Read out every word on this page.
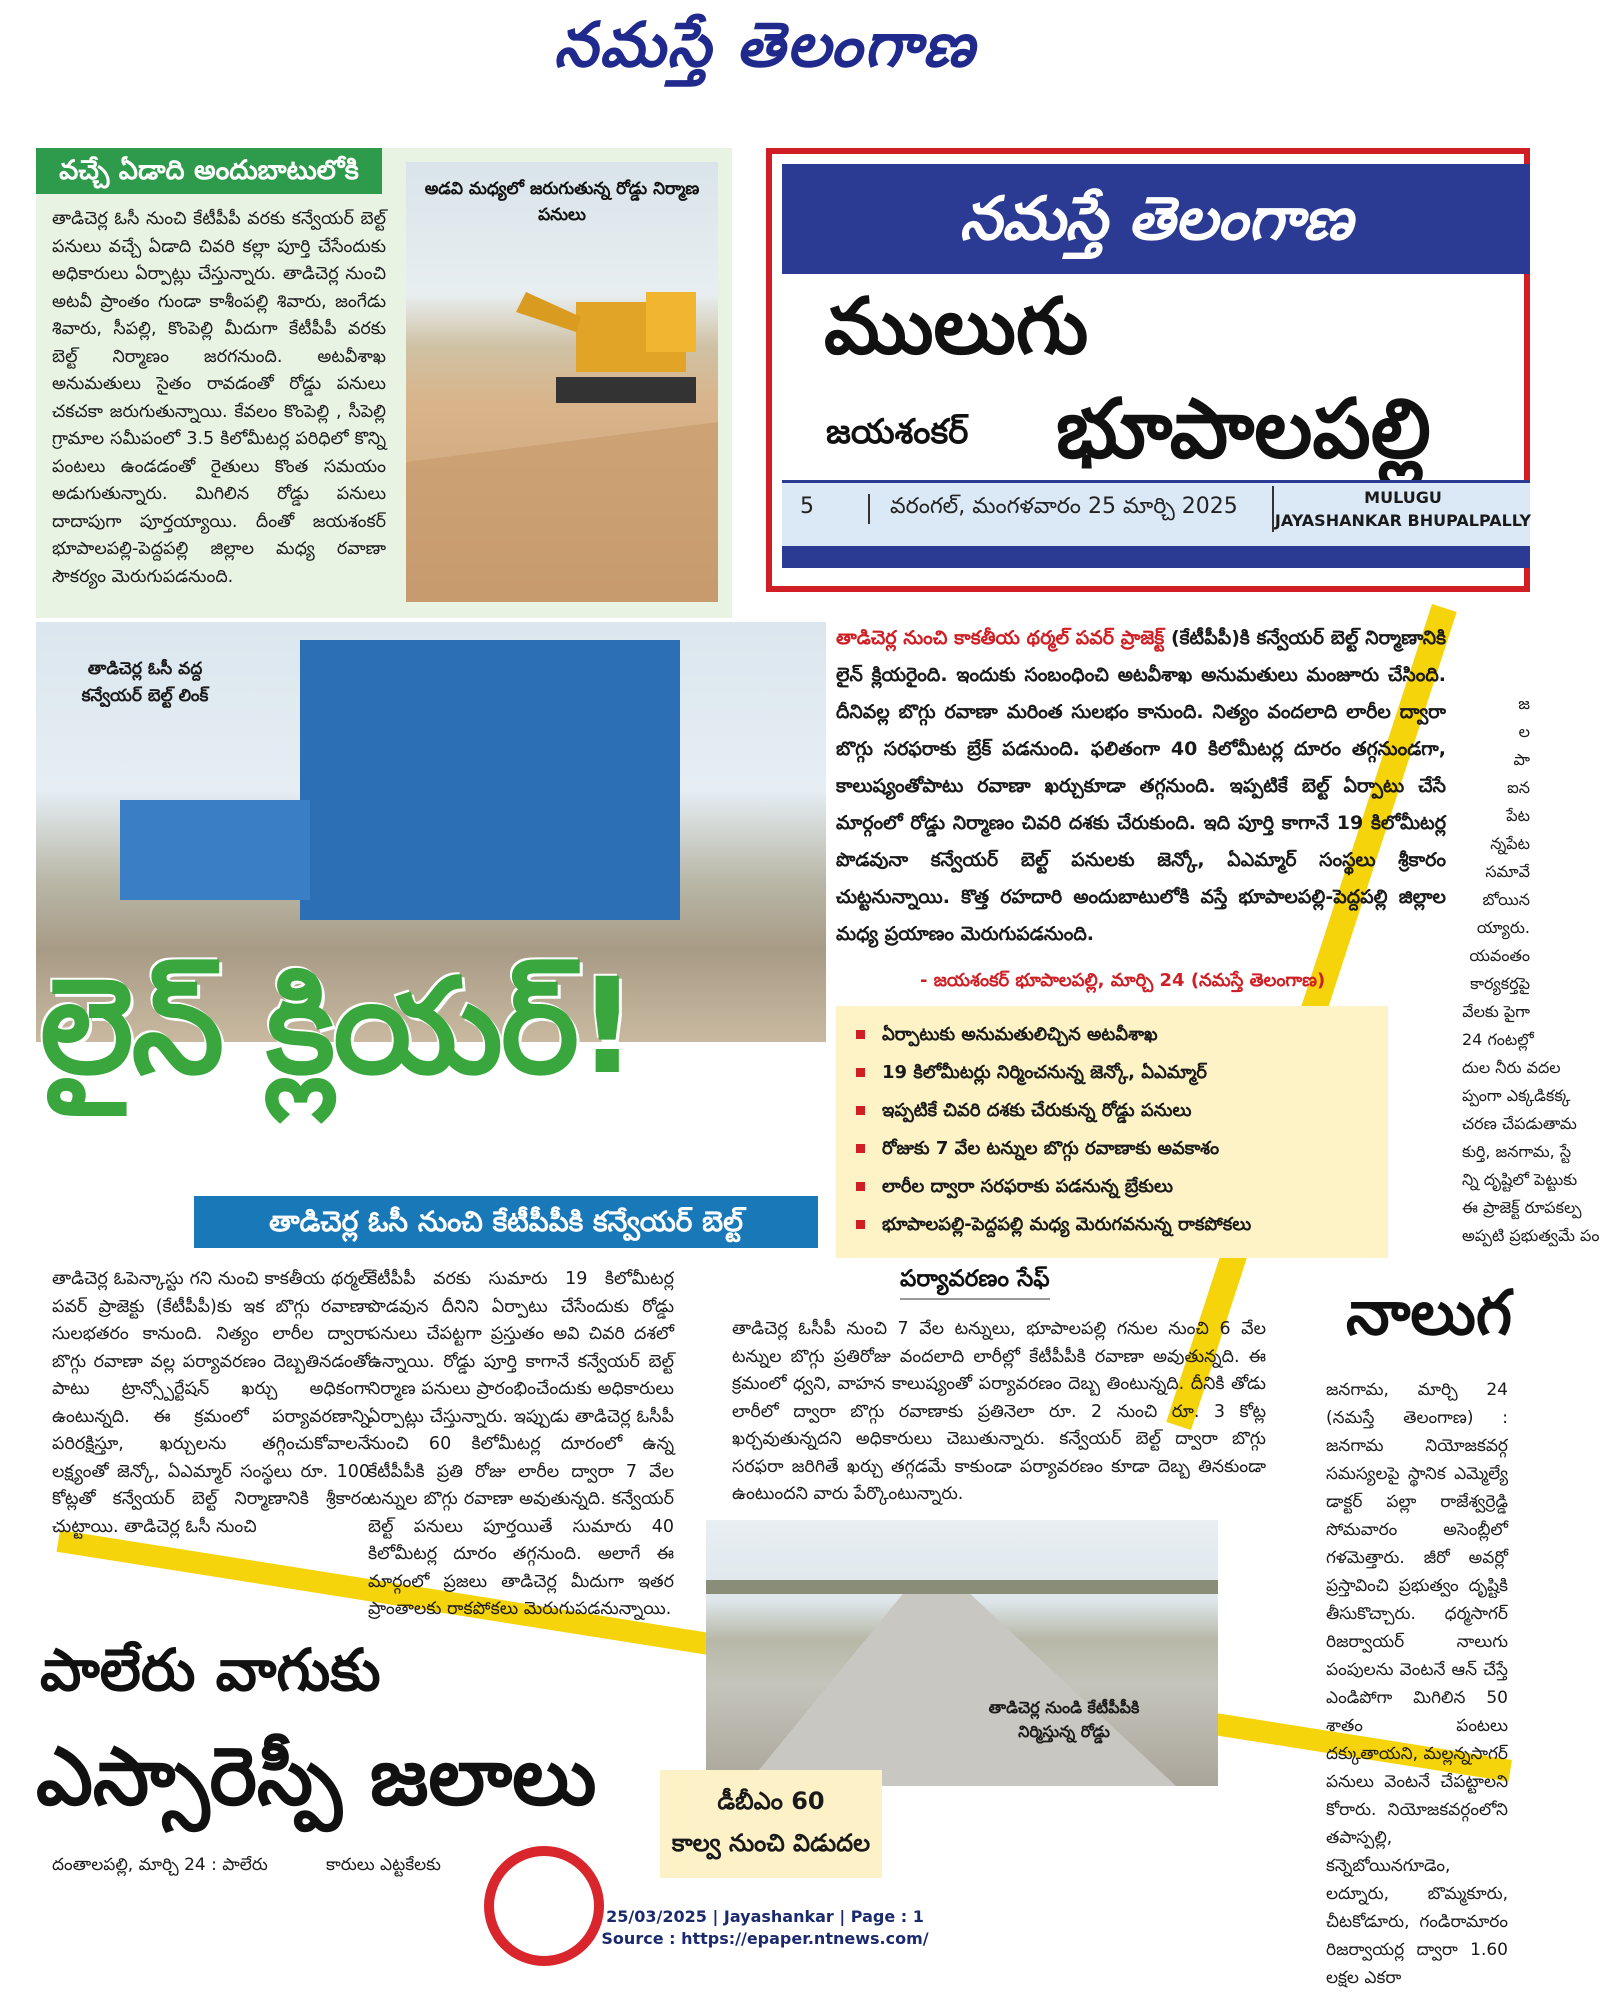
నమస్తే తెలంగాణ
వచ్చే ఏడాది అందుబాటులోకి
తాడిచెర్ల ఓసీ నుంచి కేటీపీపీ వరకు కన్వేయర్ బెల్ట్ పనులు వచ్చే ఏడాది చివరి కల్లా పూర్తి చేసేందుకు అధికారులు ఏర్పాట్లు చేస్తున్నారు. తాడిచెర్ల నుంచి అటవీ ప్రాంతం గుండా కాశీంపల్లి శివారు, జంగేడు శివారు, సీపల్లి, కొంపెల్లి మీదుగా కేటీపీపీ వరకు బెల్ట్ నిర్మాణం జరగనుంది. అటవీశాఖ అనుమతులు సైతం రావడంతో రోడ్డు పనులు చకచకా జరుగుతున్నాయి. కేవలం కొంపెల్లి , సీపెల్లి గ్రామాల సమీపంలో 3.5 కిలోమీటర్ల పరిధిలో కొన్ని పంటలు ఉండడంతో రైతులు కొంత సమయం అడుగుతున్నారు. మిగిలిన రోడ్డు పనులు దాదాపుగా పూర్తయ్యాయి. దీంతో జయశంకర్ భూపాలపల్లి-పెద్దపల్లి జిల్లాల మధ్య రవాణా సౌకర్యం మెరుగుపడనుంది.
అడవి మధ్యలో జరుగుతున్న రోడ్డు నిర్మాణ పనులు	నమస్తే తెలంగాణ
ములుగు
జయశంకర్ భూపాలపల్లి
5	వరంగల్, మంగళవారం 25 మార్చి 2025	MULUGU
JAYASHANKAR BHUPALPALLY
తాడిచెర్ల ఓసీ వద్ద కన్వేయర్ బెల్ట్ లింక్
లైన్ క్లియర్!
తాడిచెర్ల ఓసీ నుంచి కేటీపీపీకి కన్వేయర్ బెల్ట్
తాడిచెర్ల నుంచి కాకతీయ థర్మల్ పవర్ ప్రాజెక్ట్ (కేటీపీపీ)కి కన్వేయర్ బెల్ట్ నిర్మాణానికి లైన్ క్లియరైంది. ఇందుకు సంబంధించి అటవీశాఖ అనుమతులు మంజూరు చేసింది. దీనివల్ల బొగ్గు రవాణా మరింత సులభం కానుంది. నిత్యం వందలాది లారీల ద్వారా బొగ్గు సరఫరాకు బ్రేక్ పడనుంది. ఫలితంగా 40 కిలోమీటర్ల దూరం తగ్గనుండగా, కాలుష్యంతోపాటు రవాణా ఖర్చుకూడా తగ్గనుంది. ఇప్పటికే బెల్ట్ ఏర్పాటు చేసే మార్గంలో రోడ్డు నిర్మాణం చివరి దశకు చేరుకుంది. ఇది పూర్తి కాగానే 19 కిలోమీటర్ల పొడవునా కన్వేయర్ బెల్ట్ పనులకు జెన్కో, ఏఎమ్మార్ సంస్థలు శ్రీకారం చుట్టనున్నాయి. కొత్త రహదారి అందుబాటులోకి వస్తే భూపాలపల్లి-పెద్దపల్లి జిల్లాల మధ్య ప్రయాణం మెరుగుపడనుంది.
- జయశంకర్ భూపాలపల్లి, మార్చి 24 (నమస్తే తెలంగాణ)
ఏర్పాటుకు అనుమతులిచ్చిన అటవీశాఖ
19 కిలోమీటర్లు నిర్మించనున్న జెన్కో, ఏఎమ్మార్
ఇప్పటికే చివరి దశకు చేరుకున్న రోడ్డు పనులు
రోజుకు 7 వేల టన్నుల బొగ్గు రవాణాకు అవకాశం
లారీల ద్వారా సరఫరాకు పడనున్న బ్రేకులు
భూపాలపల్లి-పెద్దపల్లి మధ్య మెరుగవనున్న రాకపోకలు
తాడిచెర్ల ఓపెన్కాస్టు గని నుంచి కాకతీయ థర్మల్ పవర్ ప్రాజెక్టు (కేటీపీపీ)కు ఇక బొగ్గు రవాణా సులభతరం కానుంది. నిత్యం లారీల ద్వారా బొగ్గు రవాణా వల్ల పర్యావరణం దెబ్బతినడంతో పాటు ట్రాన్స్పోర్టేషన్ ఖర్చు అధికంగా ఉంటున్నది. ఈ క్రమంలో పర్యావరణాన్ని పరిరక్షిస్తూ, ఖర్చులను తగ్గించుకోవాలనే లక్ష్యంతో జెన్కో, ఏఎమ్మార్ సంస్థలు రూ. 100 కోట్లతో కన్వేయర్ బెల్ట్ నిర్మాణానికి శ్రీకారం చుట్టాయి. తాడిచెర్ల ఓసీ నుంచి
కేటీపీపీ వరకు సుమారు 19 కిలోమీటర్ల పొడవున దీనిని ఏర్పాటు చేసేందుకు రోడ్డు పనులు చేపట్టగా ప్రస్తుతం అవి చివరి దశలో ఉన్నాయి. రోడ్డు పూర్తి కాగానే కన్వేయర్ బెల్ట్ నిర్మాణ పనులు ప్రారంభించేందుకు అధికారులు ఏర్పాట్లు చేస్తున్నారు. ఇప్పుడు తాడిచెర్ల ఓసీపీ నుంచి 60 కిలోమీటర్ల దూరంలో ఉన్న కేటీపీపీకి ప్రతి రోజు లారీల ద్వారా 7 వేల టన్నుల బొగ్గు రవాణా అవుతున్నది. కన్వేయర్ బెల్ట్ పనులు పూర్తయితే సుమారు 40 కిలోమీటర్ల దూరం తగ్గనుంది. అలాగే ఈ మార్గంలో ప్రజలు తాడిచెర్ల మీదుగా ఇతర ప్రాంతాలకు రాకపోకలు మెరుగుపడనున్నాయి.
పర్యావరణం సేఫ్
తాడిచెర్ల ఓసీపీ నుంచి 7 వేల టన్నులు, భూపాలపల్లి గనుల నుంచి 6 వేల టన్నుల బొగ్గు ప్రతిరోజు వందలాది లారీల్లో కేటీపీపీకి రవాణా అవుతున్నది. ఈ క్రమంలో ధ్వని, వాహన కాలుష్యంతో పర్యావరణం దెబ్బ తింటున్నది. దీనికి తోడు లారీలో ద్వారా బొగ్గు రవాణాకు ప్రతినెలా రూ. 2 నుంచి రూ. 3 కోట్ల ఖర్చవుతున్నదని అధికారులు చెబుతున్నారు. కన్వేయర్ బెల్ట్ ద్వారా బొగ్గు సరఫరా జరిగితే ఖర్చు తగ్గడమే కాకుండా పర్యావరణం కూడా దెబ్బ తినకుండా ఉంటుందని వారు పేర్కొంటున్నారు.
తాడిచెర్ల నుండి కేటీపీపీకి నిర్మిస్తున్న రోడ్డు
జ
ల
పా
ఐన
పేట
న్నపేట
సమావే
బోయిన
య్యారు.
యవంతం
కార్యకర్తపై
వేలకు పైగా
24 గంటల్లో
దుల నీరు వదల
ప్పంగా ఎక్కడికక్క
చరణ చేపడుతామ
కుర్తి, జనగామ, స్టే
న్ని దృష్టిలో పెట్టుకు
ఈ ప్రాజెక్ట్ రూపకల్ప
అప్పటి ప్రభుత్వమే పం
నాలుగ
జనగామ, మార్చి 24 (నమస్తే తెలంగాణ) : జనగామ నియోజకవర్గ సమస్యలపై స్థానిక ఎమ్మెల్యే డాక్టర్ పల్లా రాజేశ్వర్రెడ్డి సోమవారం అసెంబ్లీలో గళమెత్తారు. జీరో అవర్లో ప్రస్తావించి ప్రభుత్వం దృష్టికి తీసుకొచ్చారు. ధర్మసాగర్ రిజర్వాయర్ నాలుగు పంపులను వెంటనే ఆన్ చేస్తే ఎండిపోగా మిగిలిన 50 శాతం పంటలు దక్కుతాయని, మల్లన్నసాగర్ పనులు వెంటనే చేపట్టాలని కోరారు. నియోజకవర్గంలోని తపాస్పల్లి, కన్నెబోయినగూడెం, లద్నూరు, బొమ్మకూరు, చీటకోడూరు, గండిరామారం రిజర్వాయర్ల ద్వారా 1.60 లక్షల ఎకరా
పాలేరు వాగుకు
ఎస్సారెస్పీ జలాలు	డీబీఎం 60
కాల్వ నుంచి విడుదల
దంతాలపల్లి, మార్చి 24 : పాలేరు	కారులు ఎట్టకేలకు
25/03/2025 | Jayashankar | Page : 1
Source : https://epaper.ntnews.com/
